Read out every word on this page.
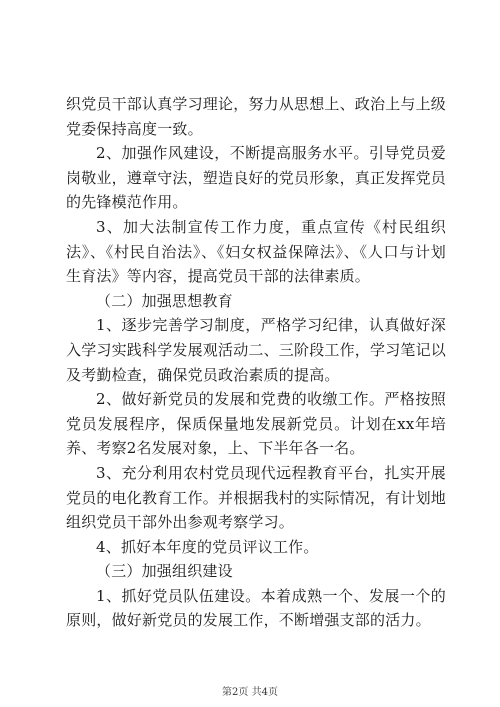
织党员干部认真学习理论，努力从思想上、政治上与上级党委保持高度一致。

2、加强作风建设，不断提高服务水平。引导党员爱岗敬业，遵章守法，塑造良好的党员形象，真正发挥党员的先锋模范作用。

3、加大法制宣传工作力度，重点宣传《村民组织法》、《村民自治法》、《妇女权益保障法》、《人口与计划生育法》等内容，提高党员干部的法律素质。

（二）加强思想教育

1、逐步完善学习制度，严格学习纪律，认真做好深入学习实践科学发展观活动二、三阶段工作，学习笔记以及考勤检查，确保党员政治素质的提高。

2、做好新党员的发展和党费的收缴工作。严格按照党员发展程序，保质保量地发展新党员。计划在xx年培养、考察2名发展对象，上、下半年各一名。

3、充分利用农村党员现代远程教育平台，扎实开展党员的电化教育工作。并根据我村的实际情况，有计划地组织党员干部外出参观考察学习。

4、抓好本年度的党员评议工作。

（三）加强组织建设

1、抓好党员队伍建设。本着成熟一个、发展一个的原则，做好新党员的发展工作，不断增强支部的活力。

第2页 共4页
